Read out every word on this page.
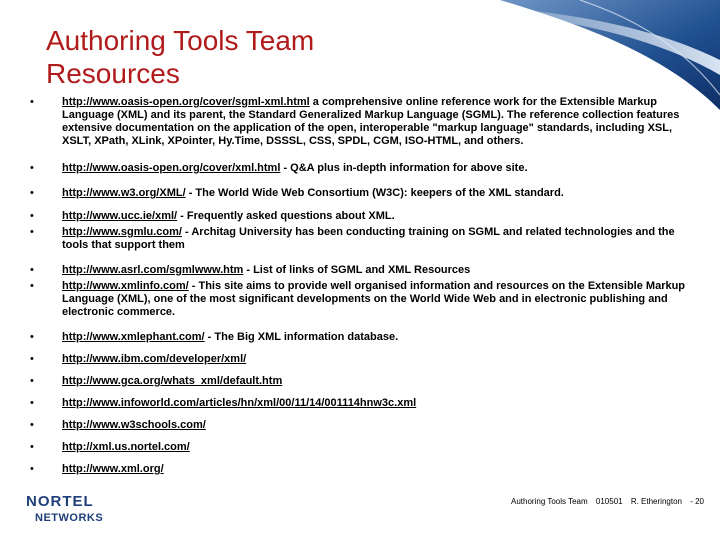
Authoring Tools Team
Resources
•	http://www.oasis-open.org/cover/sgml-xml.html a comprehensive online reference work for the Extensible Markup Language (XML) and its parent, the Standard Generalized Markup Language (SGML). The reference collection features extensive documentation on the application of the open, interoperable "markup language" standards, including XSL, XSLT, XPath, XLink, XPointer, Hy.Time, DSSSL, CSS, SPDL, CGM, ISO-HTML, and others.
•	http://www.oasis-open.org/cover/xml.html - Q&A plus in-depth information for above site.
•	http://www.w3.org/XML/ - The World Wide Web Consortium (W3C): keepers of the XML standard.
•	http://www.ucc.ie/xml/ - Frequently asked questions about XML.
•	http://www.sgmlu.com/ - Architag University has been conducting training on SGML and related technologies and the tools that support them
•	http://www.asrl.com/sgmlwww.htm - List of links of SGML and XML Resources
•	http://www.xmlinfo.com/ - This site aims to provide well organised information and resources on the Extensible Markup Language (XML), one of the most significant developments on the World Wide Web and in electronic publishing and electronic commerce.
•	http://www.xmlephant.com/ - The Big XML information database.
•	http://www.ibm.com/developer/xml/
•	http://www.gca.org/whats_xml/default.htm
•	http://www.infoworld.com/articles/hn/xml/00/11/14/001114hnw3c.xml
•	http://www.w3schools.com/
•	http://xml.us.nortel.com/
•	http://www.xml.org/
NORTEL
NETWORKS
Authoring Tools Team 010501 R. Etherington - 20
